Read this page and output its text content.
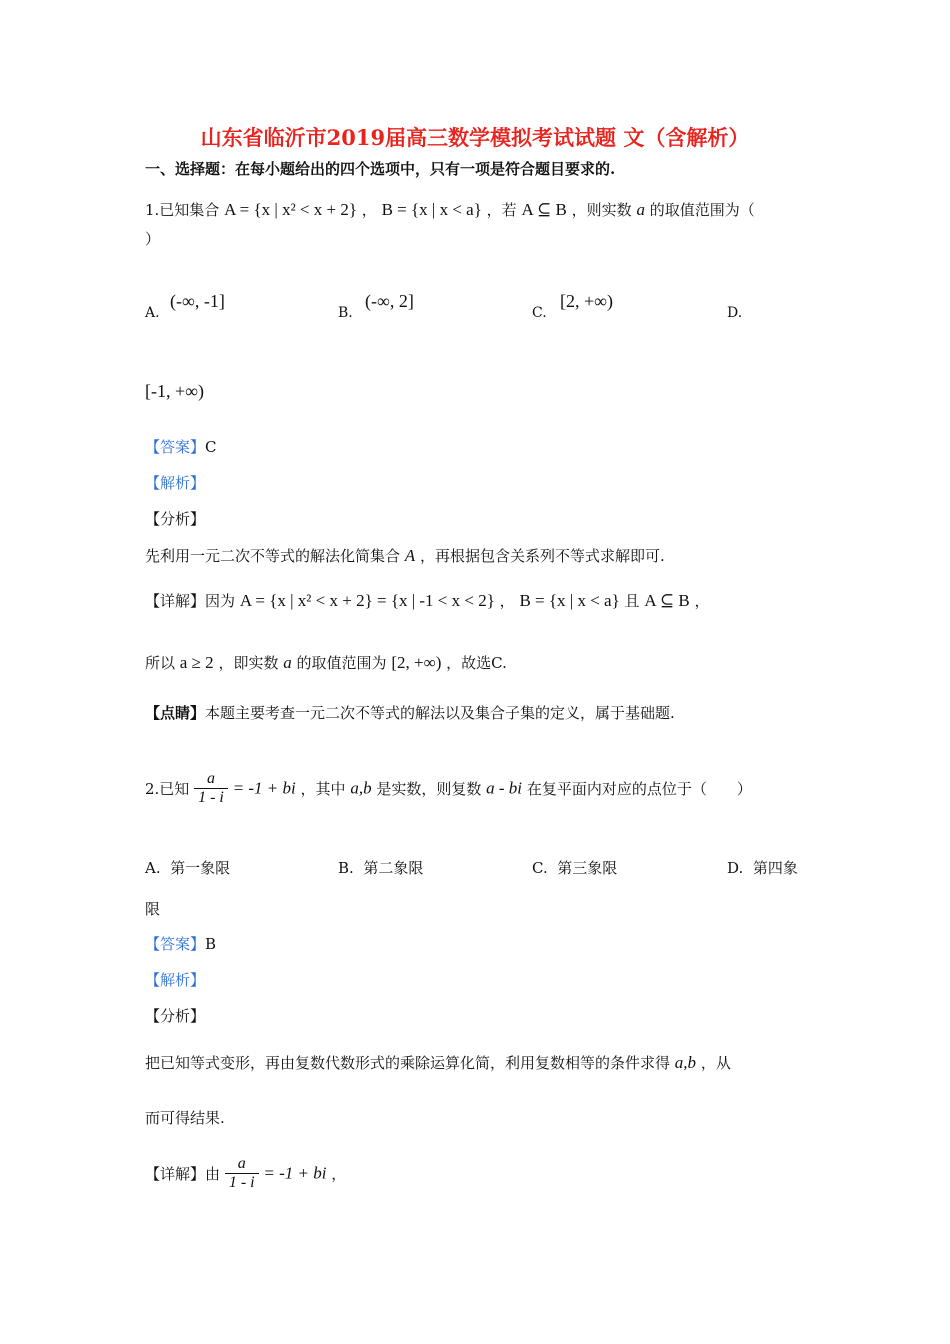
山东省临沂市2019届高三数学模拟考试试题 文（含解析）
一、选择题：在每小题给出的四个选项中，只有一项是符合题目要求的.
1.已知集合 A = {x | x² < x + 2} ， B = {x | x < a} ，若 A ⊆ B ，则实数 a 的取值范围为（
）
A.
(-∞, -1]
B.
(-∞, 2]
C.
[2, +∞)
D.
[-1, +∞)
【答案】C
【解析】
【分析】
先利用一元二次不等式的解法化简集合 A ，再根据包含关系列不等式求解即可.
【详解】因为 A = {x | x² < x + 2} = {x | -1 < x < 2} ， B = {x | x < a} 且 A ⊆ B ，
所以 a ≥ 2 ，即实数 a 的取值范围为 [2, +∞) ，故选C.
【点睛】本题主要考查一元二次不等式的解法以及集合子集的定义，属于基础题.
2.已知 $\frac{a}{1 - i} = -1$ + bi ，其中 a,b 是实数，则复数 a - bi 在复平面内对应的点位于（　　）
A. 第一象限	B. 第二象限	C. 第三象限	D. 第四象
限
【答案】B
【解析】
【分析】
把已知等式变形，再由复数代数形式的乘除运算化简，利用复数相等的条件求得 a,b ，从
而可得结果.
【详解】由 $\frac{a}{1 - i} = -1$ + bi ，
